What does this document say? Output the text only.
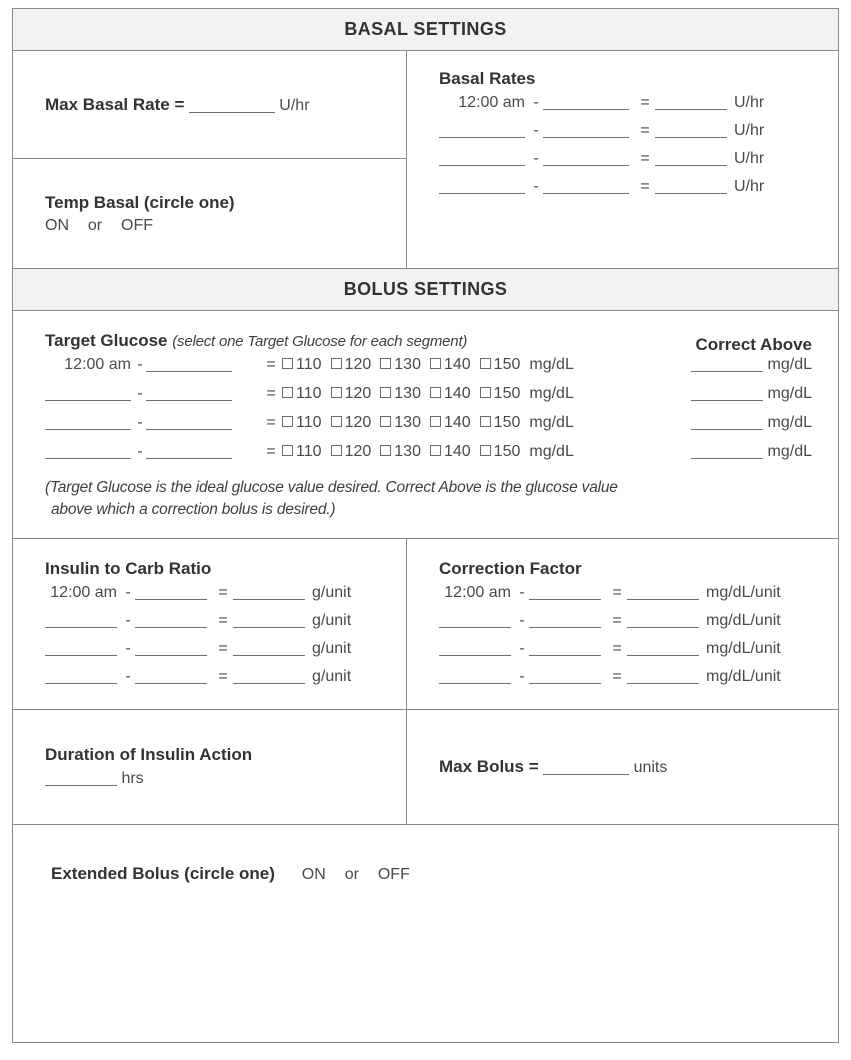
BASAL SETTINGS
Max Basal Rate =	U/hr
Temp Basal (circle one)
ON or OFF
Basal Rates
12:00 am	-		=		U/hr
	-		=		U/hr
	-		=		U/hr
	-		=		U/hr
BOLUS SETTINGS
Target Glucose (select one Target Glucose for each segment)	Correct Above
12:00 am	-		=	110 120 130 140 150 mg/dL	mg/dL
	-		=	110 120 130 140 150 mg/dL	mg/dL
	-		=	110 120 130 140 150 mg/dL	mg/dL
	-		=	110 120 130 140 150 mg/dL	mg/dL
(Target Glucose is the ideal glucose value desired. Correct Above is the glucose value
above which a correction bolus is desired.)
Insulin to Carb Ratio
12:00 am	-		=		g/unit
	-		=		g/unit
	-		=		g/unit
	-		=		g/unit
Correction Factor
12:00 am	-		=		mg/dL/unit
	-		=		mg/dL/unit
	-		=		mg/dL/unit
	-		=		mg/dL/unit
Duration of Insulin Action
hrs
Max Bolus =	units
Extended Bolus (circle one) ON or OFF
